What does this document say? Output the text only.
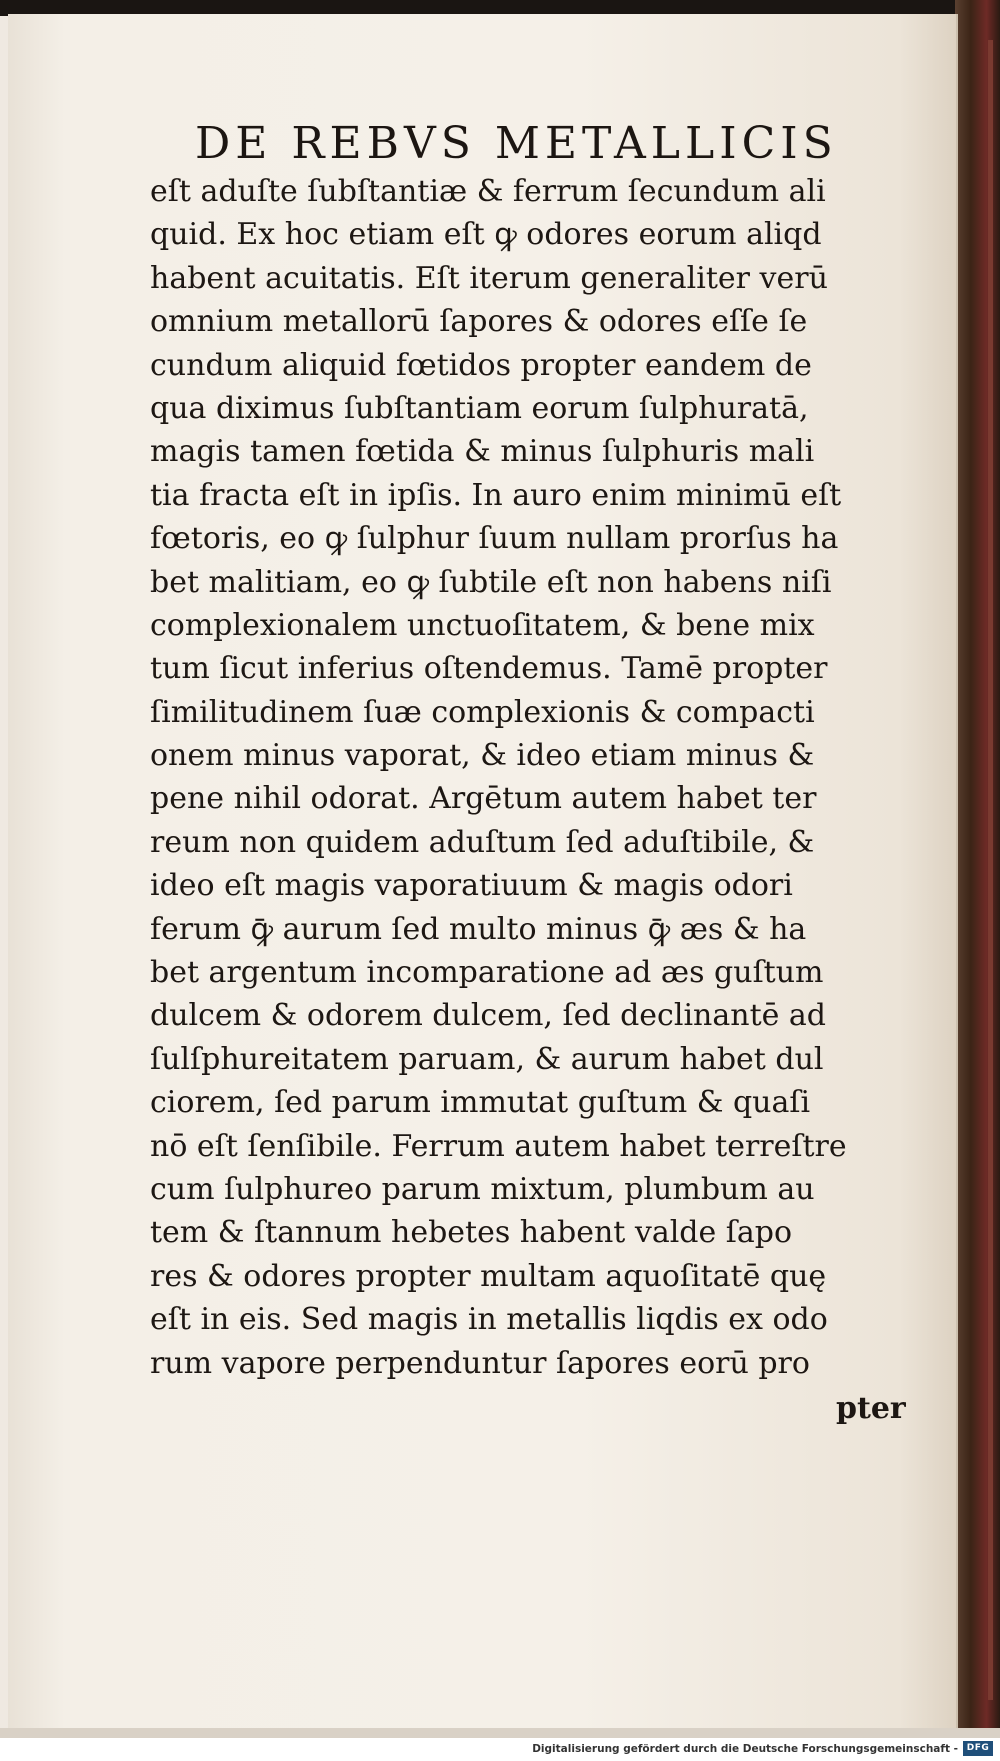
DE REBVS METALLICIS
eſt aduſte ſubſtantiæ & ferrum ſecundum ali
quid. Ex hoc etiam eſt ꝙ odores eorum aliqd
habent acuitatis. Eſt iterum generaliter verū
omnium metallorū ſapores & odores eſſe ſe
cundum aliquid fœtidos propter eandem de
qua diximus ſubſtantiam eorum ſulphuratā,
magis tamen fœtida & minus ſulphuris mali
tia fracta eſt in ipſis. In auro enim minimū eſt
fœtoris, eo ꝙ ſulphur ſuum nullam prorſus ha
bet malitiam, eo ꝙ ſubtile eſt non habens niſi
complexionalem unctuoſitatem, & bene mix
tum ſicut inferius oſtendemus. Tamē propter
ſimilitudinem ſuæ complexionis & compacti
onem minus vaporat, & ideo etiam minus &
pene nihil odorat. Argētum autem habet ter
reum non quidem aduſtum ſed aduſtibile, &
ideo eſt magis vaporatiuum & magis odori
ferum ꝙ̄ aurum ſed multo minus ꝙ̄ æs & ha
bet argentum incomparatione ad æs guſtum
dulcem & odorem dulcem, ſed declinantē ad
ſulſphureitatem paruam, & aurum habet dul
ciorem, ſed parum immutat guſtum & quaſi
nō eſt ſenſibile. Ferrum autem habet terreſtre
cum ſulphureo parum mixtum, plumbum au
tem & ſtannum hebetes habent valde ſapo
res & odores propter multam aquoſitatē quę
eſt in eis. Sed magis in metallis liqdis ex odo
rum vapore perpenduntur ſapores eorū pro
pter
Digitalisierung gefördert durch die Deutsche Forschungsgemeinschaft - DFG
